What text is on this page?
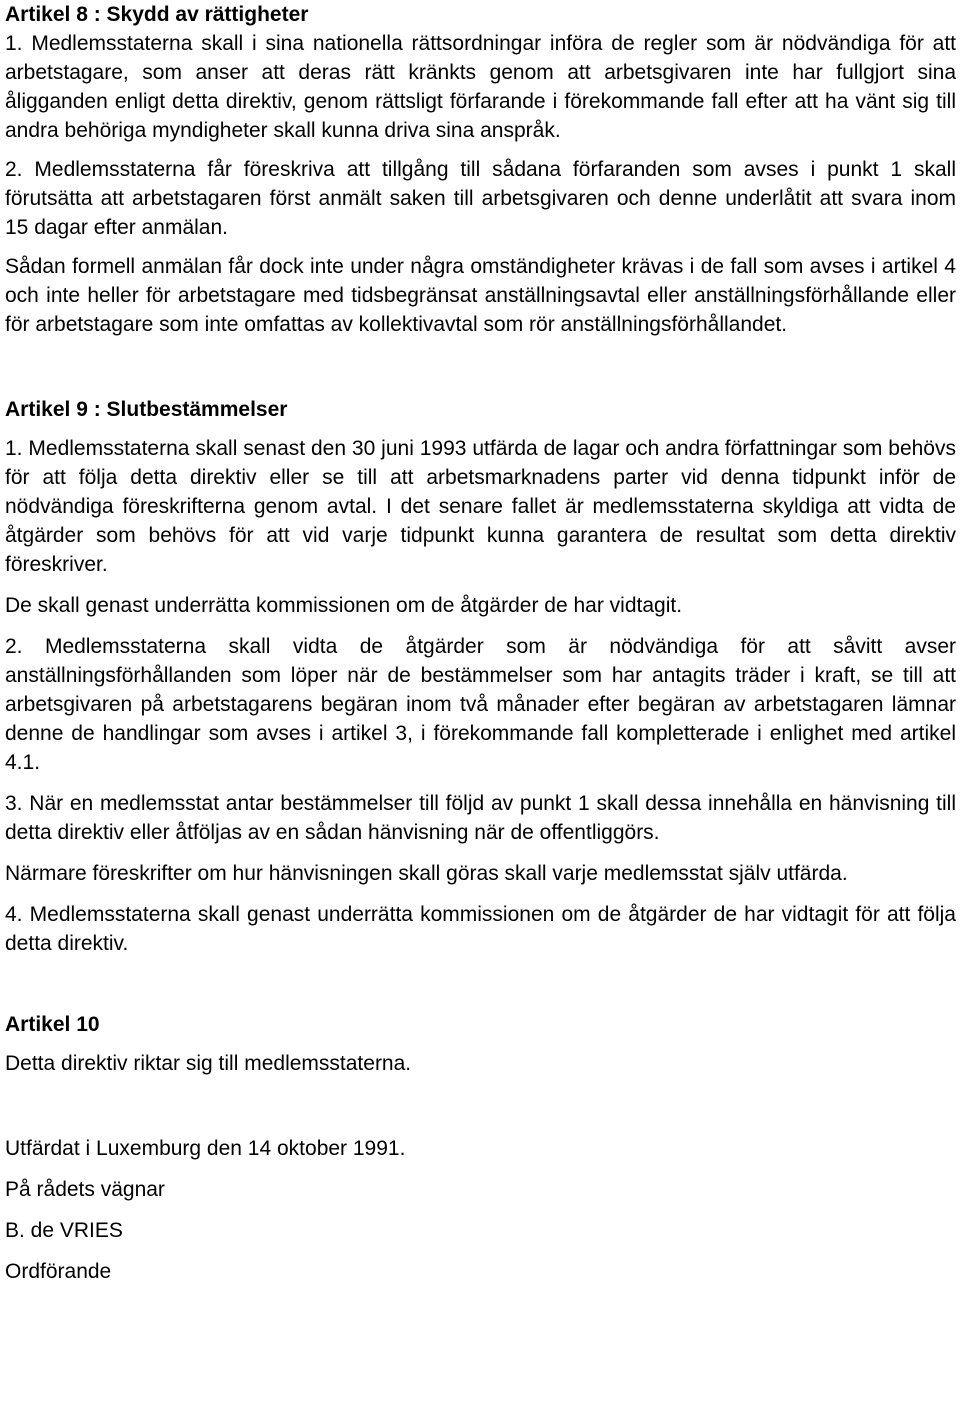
Artikel 8 : Skydd av rättigheter

1. Medlemsstaterna skall i sina nationella rättsordningar införa de regler som är nödvändiga för att arbetstagare, som anser att deras rätt kränkts genom att arbetsgivaren inte har fullgjort sina åligganden enligt detta direktiv, genom rättsligt förfarande i förekommande fall efter att ha vänt sig till andra behöriga myndigheter skall kunna driva sina anspråk.

2. Medlemsstaterna får föreskriva att tillgång till sådana förfaranden som avses i punkt 1 skall förutsätta att arbetstagaren först anmält saken till arbetsgivaren och denne underlåtit att svara inom 15 dagar efter anmälan.

Sådan formell anmälan får dock inte under några omständigheter krävas i de fall som avses i artikel 4 och inte heller för arbetstagare med tidsbegränsat anställningsavtal eller anställningsförhållande eller för arbetstagare som inte omfattas av kollektivavtal som rör anställningsförhållandet.

Artikel 9 : Slutbestämmelser

1. Medlemsstaterna skall senast den 30 juni 1993 utfärda de lagar och andra författningar som behövs för att följa detta direktiv eller se till att arbetsmarknadens parter vid denna tidpunkt inför de nödvändiga föreskrifterna genom avtal. I det senare fallet är medlemsstaterna skyldiga att vidta de åtgärder som behövs för att vid varje tidpunkt kunna garantera de resultat som detta direktiv föreskriver.

De skall genast underrätta kommissionen om de åtgärder de har vidtagit.

2. Medlemsstaterna skall vidta de åtgärder som är nödvändiga för att såvitt avser anställningsförhållanden som löper när de bestämmelser som har antagits träder i kraft, se till att arbetsgivaren på arbetstagarens begäran inom två månader efter begäran av arbetstagaren lämnar denne de handlingar som avses i artikel 3, i förekommande fall kompletterade i enlighet med artikel 4.1.

3. När en medlemsstat antar bestämmelser till följd av punkt 1 skall dessa innehålla en hänvisning till detta direktiv eller åtföljas av en sådan hänvisning när de offentliggörs.

Närmare föreskrifter om hur hänvisningen skall göras skall varje medlemsstat själv utfärda.

4. Medlemsstaterna skall genast underrätta kommissionen om de åtgärder de har vidtagit för att följa detta direktiv.

Artikel 10

Detta direktiv riktar sig till medlemsstaterna.

Utfärdat i Luxemburg den 14 oktober 1991.

På rådets vägnar

B. de VRIES

Ordförande
